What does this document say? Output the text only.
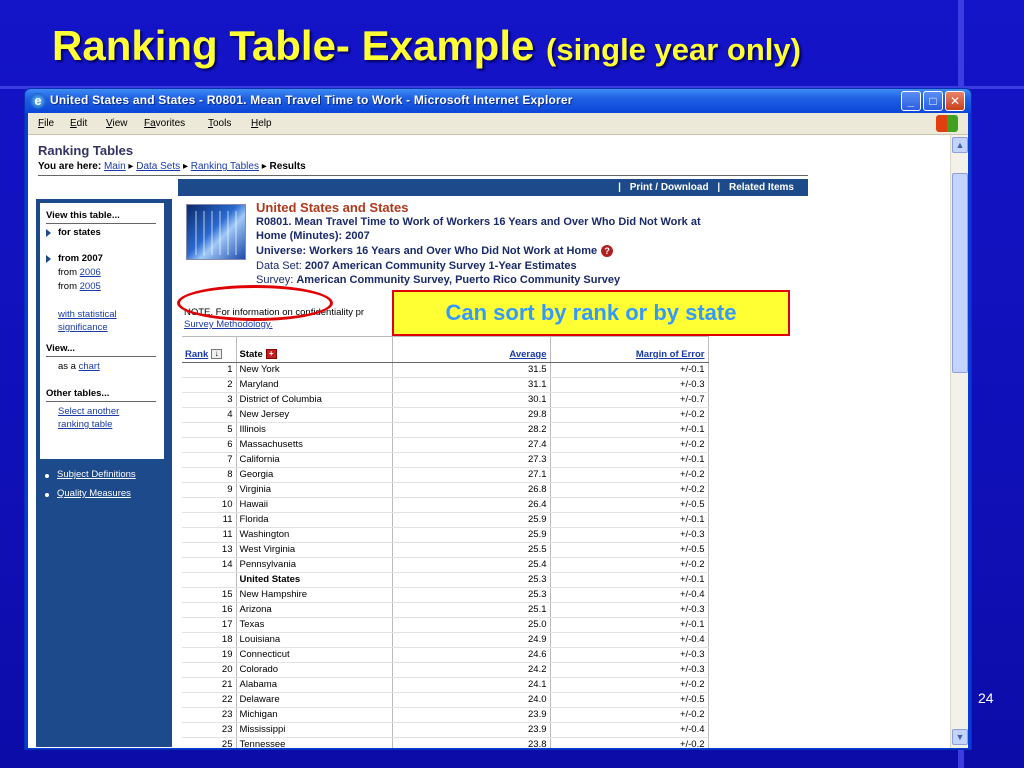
Ranking Table- Example (single year only)
e United States and States - R0801. Mean Travel Time to Work - Microsoft Internet Explorer	_	□	✕
File Edit View Favorites Tools Help
Ranking Tables
You are here: Main ▸ Data Sets ▸ Ranking Tables ▸ Results
| Print / Download | Related Items
View this table...
for states
from 2007
from 2006
from 2005
with statistical
significance
View...
as a chart
Other tables...
Select another
ranking table
Subject Definitions
Quality Measures
United States and States
R0801. Mean Travel Time to Work of Workers 16 Years and Over Who Did Not Work at
Home (Minutes): 2007
Universe: Workers 16 Years and Over Who Did Not Work at Home ?
Data Set: 2007 American Community Survey 1-Year Estimates
Survey: American Community Survey, Puerto Rico Community Survey
NOTE. For information on confidentiality pr
Survey Methodology.
Rank ↓	State +	Average	Margin of Error
1	New York	31.5	+/-0.1
2	Maryland	31.1	+/-0.3
3	District of Columbia	30.1	+/-0.7
4	New Jersey	29.8	+/-0.2
5	Illinois	28.2	+/-0.1
6	Massachusetts	27.4	+/-0.2
7	California	27.3	+/-0.1
8	Georgia	27.1	+/-0.2
9	Virginia	26.8	+/-0.2
10	Hawaii	26.4	+/-0.5
11	Florida	25.9	+/-0.1
11	Washington	25.9	+/-0.3
13	West Virginia	25.5	+/-0.5
14	Pennsylvania	25.4	+/-0.2
	United States	25.3	+/-0.1
15	New Hampshire	25.3	+/-0.4
16	Arizona	25.1	+/-0.3
17	Texas	25.0	+/-0.1
18	Louisiana	24.9	+/-0.4
19	Connecticut	24.6	+/-0.3
20	Colorado	24.2	+/-0.3
21	Alabama	24.1	+/-0.2
22	Delaware	24.0	+/-0.5
23	Michigan	23.9	+/-0.2
23	Mississippi	23.9	+/-0.4
25	Tennessee	23.8	+/-0.2
▲
▼
Can sort by rank or by state
24
